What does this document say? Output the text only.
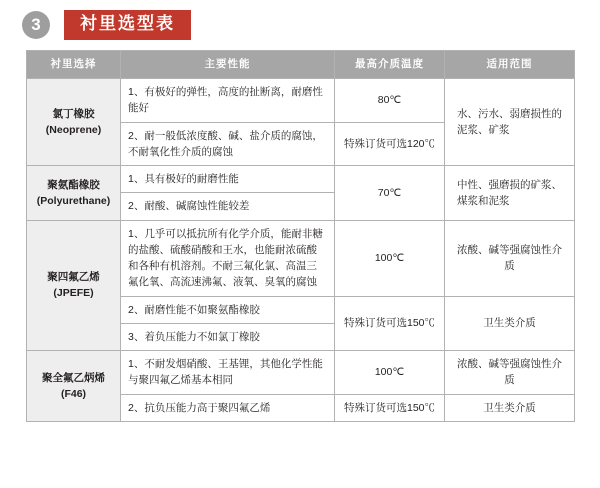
3	衬里选型表
衬里选择	主要性能	最高介质温度	适用范围
氯丁橡胶
(Neoprene)	1、有极好的弹性，高度的扯断离，耐磨性能好	80℃	水、污水、弱磨损性的泥浆、矿浆
	2、耐一般低浓度酸、碱、盐介质的腐蚀，不耐氧化性介质的腐蚀	特殊订货可选120℃	
聚氨酯橡胶
(Polyurethane)	1、具有极好的耐磨性能	70℃	中性、强磨损的矿浆、煤浆和泥浆
	2、耐酸、碱腐蚀性能较差		
聚四氟乙烯
(JPEFE)	1、几乎可以抵抗所有化学介质，能耐非糖的盐酸、硫酸硝酸和王水，也能耐浓硫酸和各种有机溶剂。不耐三氟化氯、高温三氟化氧、高流速沸氟、液氧、臭氧的腐蚀	100℃	浓酸、碱等强腐蚀性介质
	2、耐磨性能不如聚氨酯橡胶	特殊订货可选150℃	卫生类介质
	3、着负压能力不如氯丁橡胶		
聚全氟乙炳烯
(F46)	1、不耐发烟硝酸、王基锂，其他化学性能与聚四氟乙烯基本相同	100℃	浓酸、碱等强腐蚀性介质
	2、抗负压能力高于聚四氟乙烯	特殊订货可选150℃	卫生类介质
